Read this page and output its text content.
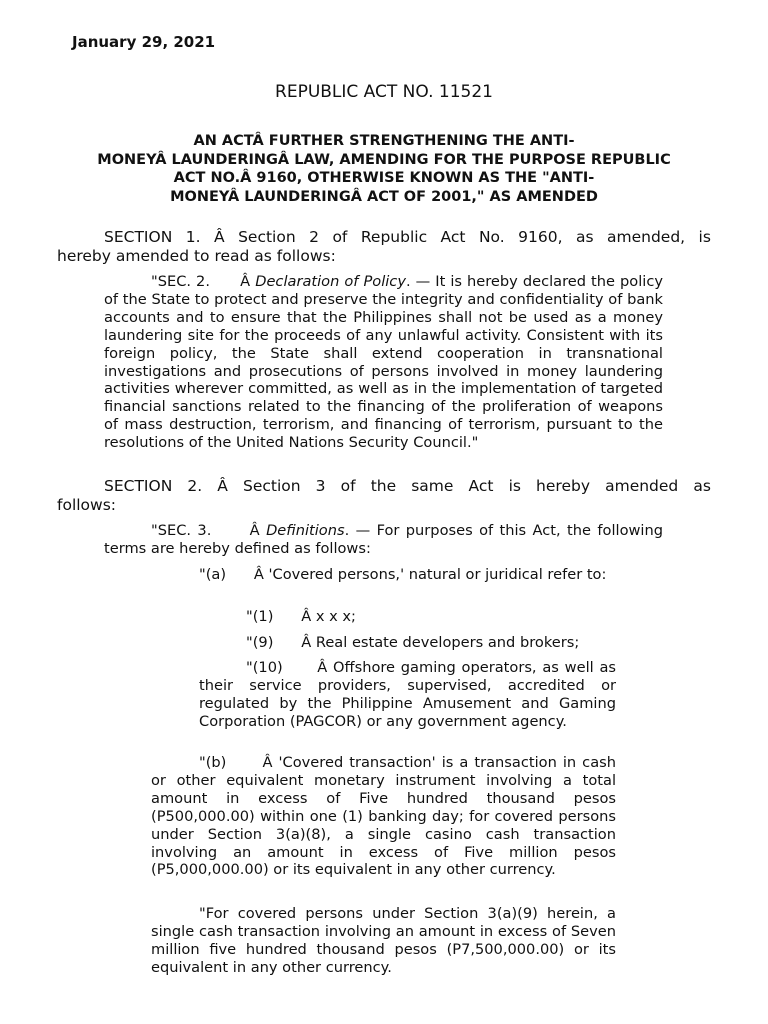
January 29, 2021
REPUBLIC ACT NO. 11521
AN ACTÂ FURTHER STRENGTHENING THE ANTI-
MONEYÂ LAUNDERINGÂ LAW, AMENDING FOR THE PURPOSE REPUBLIC
ACT NO.Â 9160, OTHERWISE KNOWN AS THE "ANTI-
MONEYÂ LAUNDERINGÂ ACT OF 2001," AS AMENDED
SECTION 1. Â Section 2 of Republic Act No. 9160, as amended, is
hereby amended to read as follows:
"SEC. 2.      Â Declaration of Policy. — It is hereby declared the policy of the State to protect and preserve the integrity and confidentiality of bank accounts and to ensure that the Philippines shall not be used as a money laundering site for the proceeds of any unlawful activity. Consistent with its foreign policy, the State shall extend cooperation in transnational investigations and prosecutions of persons involved in money laundering activities wherever committed, as well as in the implementation of targeted financial sanctions related to the financing of the proliferation of weapons of mass destruction, terrorism, and financing of terrorism, pursuant to the resolutions of the United Nations Security Council."
SECTION 2. Â Section 3 of the same Act is hereby amended as
follows:
"SEC. 3.      Â Definitions. — For purposes of this Act, the following terms are hereby defined as follows:
"(a)      Â 'Covered persons,' natural or juridical refer to:
"(1)      Â x x x;
"(9)      Â Real estate developers and brokers;
"(10)      Â Offshore gaming operators, as well as their service providers, supervised, accredited or regulated by the Philippine Amusement and Gaming Corporation (PAGCOR) or any government agency.
"(b)      Â 'Covered transaction' is a transaction in cash or other equivalent monetary instrument involving a total amount in excess of Five hundred thousand pesos (P500,000.00) within one (1) banking day; for covered persons under Section 3(a)(8), a single casino cash transaction involving an amount in excess of Five million pesos (P5,000,000.00) or its equivalent in any other currency.
"For covered persons under Section 3(a)(9) herein, a single cash transaction involving an amount in excess of Seven million five hundred thousand pesos (P7,500,000.00) or its equivalent in any other currency.
